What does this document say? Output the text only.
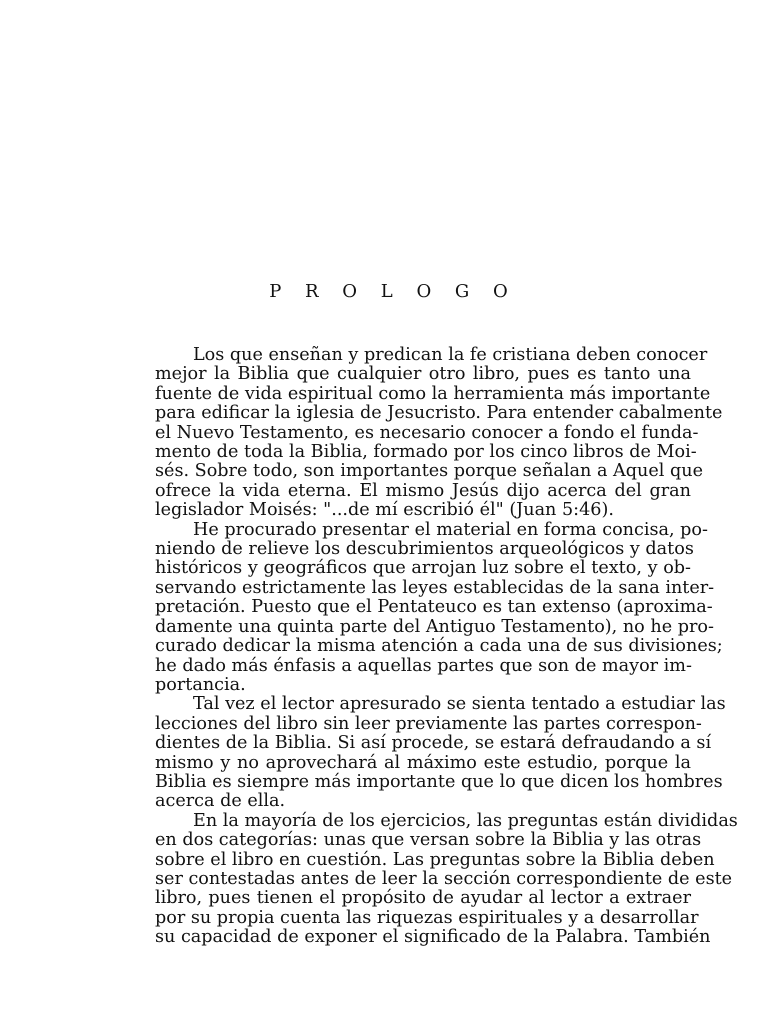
P R O L O G O
Los que enseñan y predican la fe cristiana deben conocer
mejor la Biblia que cualquier otro libro, pues es tanto una
fuente de vida espiritual como la herramienta más importante
para edificar la iglesia de Jesucristo. Para entender cabalmente
el Nuevo Testamento, es necesario conocer a fondo el funda-
mento de toda la Biblia, formado por los cinco libros de Moi-
sés. Sobre todo, son importantes porque señalan a Aquel que
ofrece la vida eterna. El mismo Jesús dijo acerca del gran
legislador Moisés: "...de mí escribió él" (Juan 5:46).
He procurado presentar el material en forma concisa, po-
niendo de relieve los descubrimientos arqueológicos y datos
históricos y geográficos que arrojan luz sobre el texto, y ob-
servando estrictamente las leyes establecidas de la sana inter-
pretación. Puesto que el Pentateuco es tan extenso (aproxima-
damente una quinta parte del Antiguo Testamento), no he pro-
curado dedicar la misma atención a cada una de sus divisiones;
he dado más énfasis a aquellas partes que son de mayor im-
portancia.
Tal vez el lector apresurado se sienta tentado a estudiar las
lecciones del libro sin leer previamente las partes correspon-
dientes de la Biblia. Si así procede, se estará defraudando a sí
mismo y no aprovechará al máximo este estudio, porque la
Biblia es siempre más importante que lo que dicen los hombres
acerca de ella.
En la mayoría de los ejercicios, las preguntas están divididas
en dos categorías: unas que versan sobre la Biblia y las otras
sobre el libro en cuestión. Las preguntas sobre la Biblia deben
ser contestadas antes de leer la sección correspondiente de este
libro, pues tienen el propósito de ayudar al lector a extraer
por su propia cuenta las riquezas espirituales y a desarrollar
su capacidad de exponer el significado de la Palabra. También
